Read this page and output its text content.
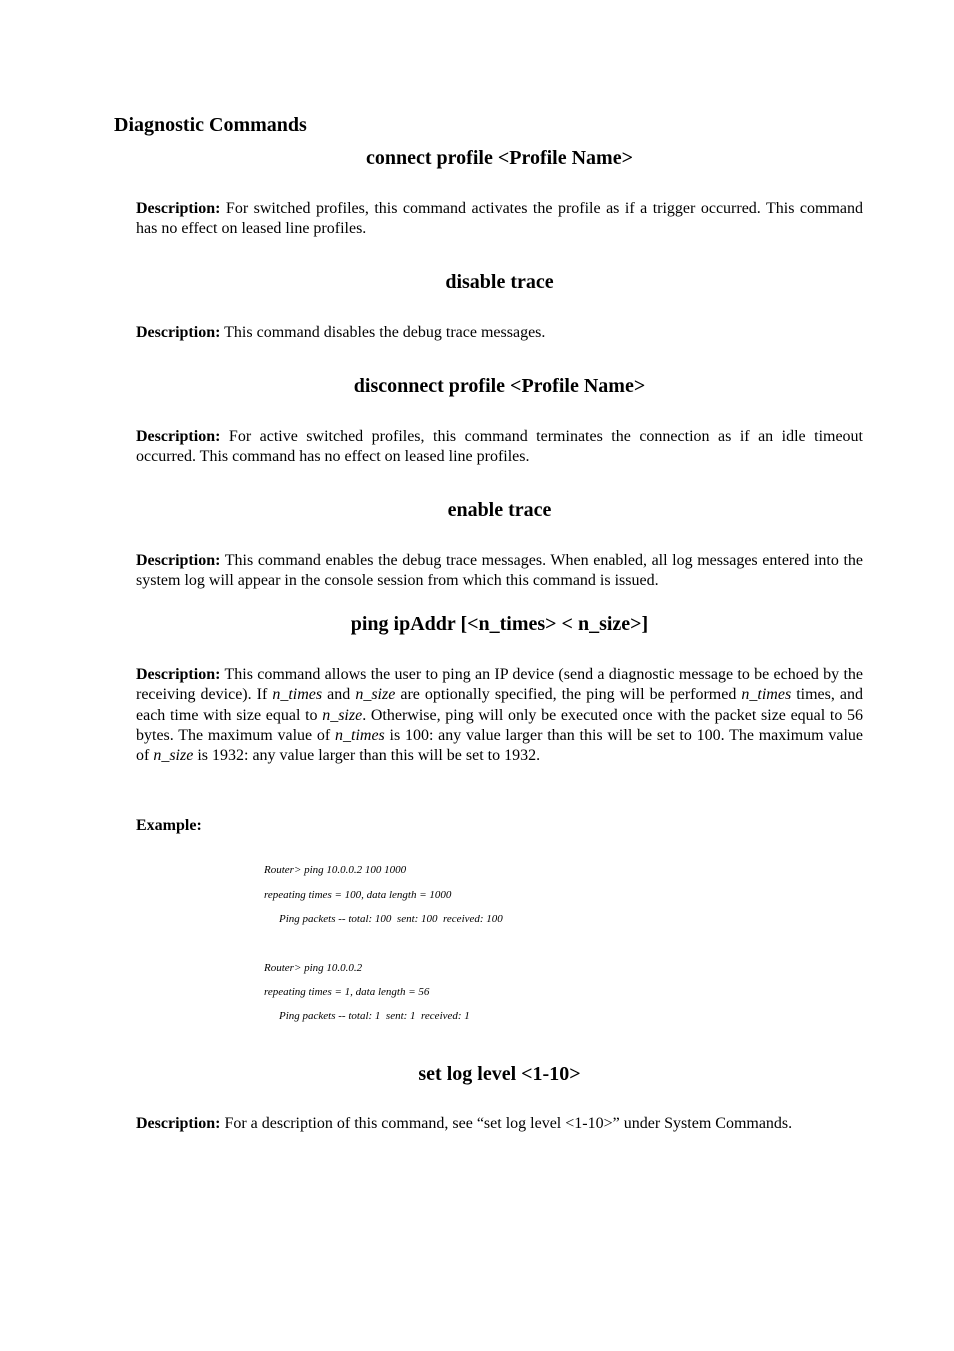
Diagnostic Commands
connect profile <Profile Name>

Description: For switched profiles, this command activates the profile as if a trigger occurred. This command has no effect on leased line profiles.

disable trace

Description: This command disables the debug trace messages.

disconnect profile <Profile Name>

Description: For active switched profiles, this command terminates the connection as if an idle timeout occurred. This command has no effect on leased line profiles.

enable trace

Description: This command enables the debug trace messages. When enabled, all log messages entered into the system log will appear in the console session from which this command is issued.

ping ipAddr [<n_times> < n_size>]

Description: This command allows the user to ping an IP device (send a diagnostic message to be echoed by the receiving device). If n_times and n_size are optionally specified, the ping will be performed n_times times, and each time with size equal to n_size. Otherwise, ping will only be executed once with the packet size equal to 56 bytes. The maximum value of n_times is 100: any value larger than this will be set to 100. The maximum value of n_size is 1932: any value larger than this will be set to 1932.

Example:

Router> ping 10.0.0.2 100 1000

repeating times = 100, data length = 1000

Ping packets -- total: 100  sent: 100  received: 100

Router> ping 10.0.0.2

repeating times = 1, data length = 56

Ping packets -- total: 1  sent: 1  received: 1

set log level <1-10>

Description: For a description of this command, see “set log level <1-10>” under System Commands.
